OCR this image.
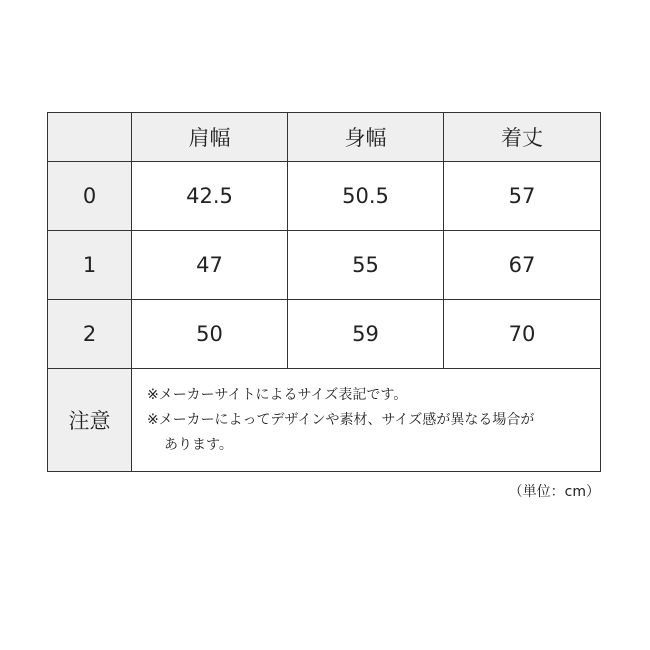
	肩幅	身幅	着丈
0	42.5	50.5	57
1	47	55	67
2	50	59	70
注意	※メーカーサイトによるサイズ表記です。
※メーカーによってデザインや素材、サイズ感が異なる場合が
あります。		
（単位：cm）
